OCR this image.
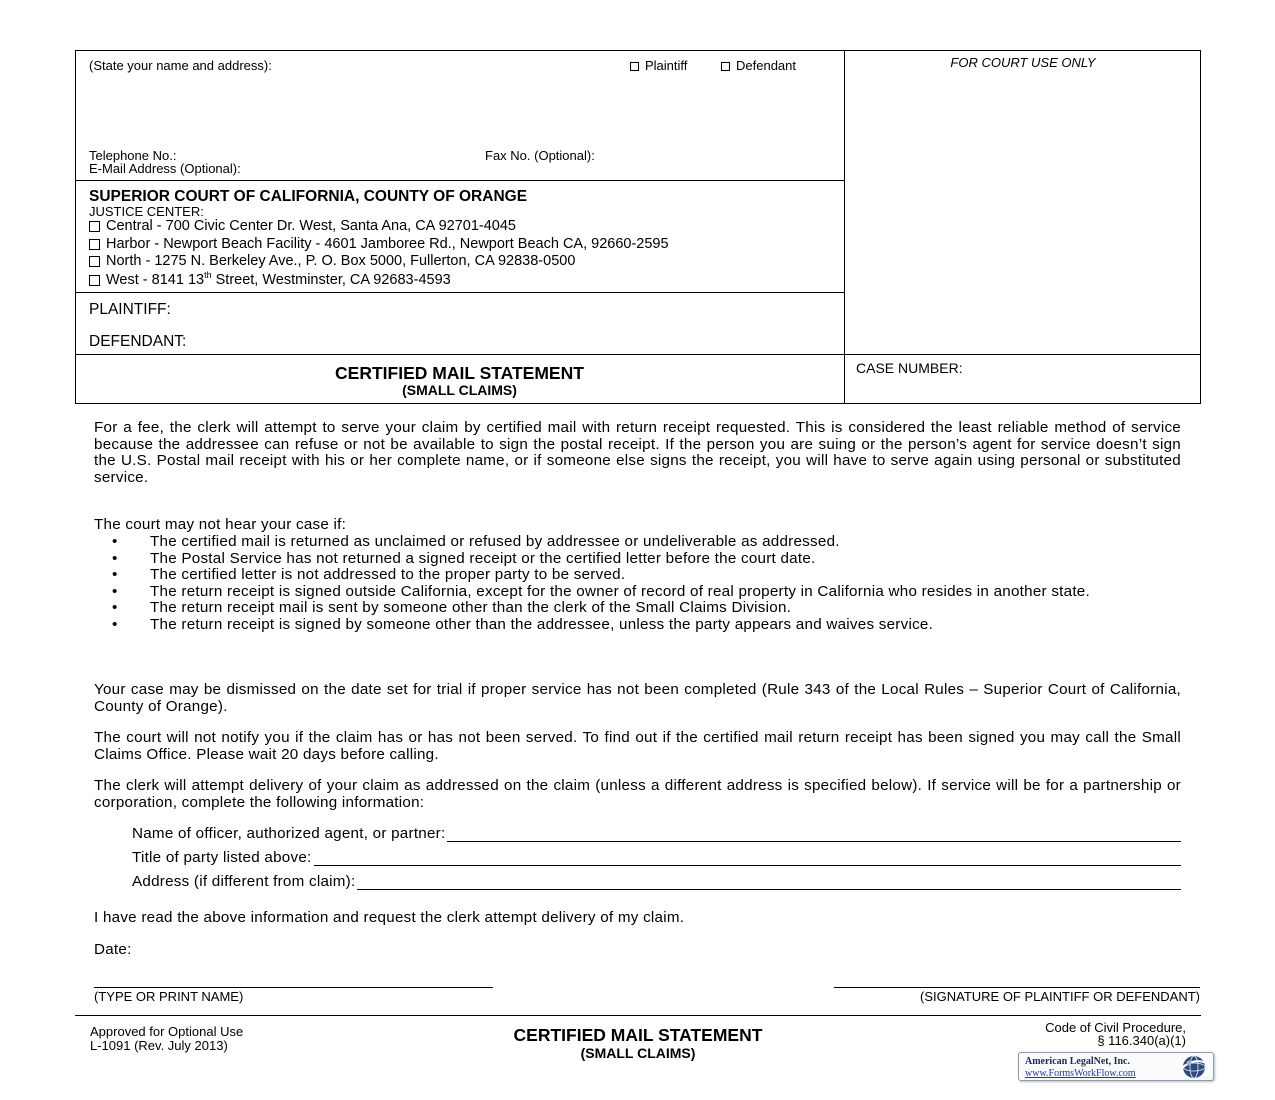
(State your name and address):	Plaintiff	Defendant
Telephone No.:	Fax No. (Optional):
E-Mail Address (Optional):
FOR COURT USE ONLY
SUPERIOR COURT OF CALIFORNIA, COUNTY OF ORANGE
JUSTICE CENTER:
Central - 700 Civic Center Dr. West, Santa Ana, CA 92701-4045
Harbor - Newport Beach Facility - 4601 Jamboree Rd., Newport Beach CA, 92660-2595
North - 1275 N. Berkeley Ave., P. O. Box 5000, Fullerton, CA 92838-0500
West - 8141 13th Street, Westminster, CA 92683-4593
PLAINTIFF:
DEFENDANT:
CERTIFIED MAIL STATEMENT
(SMALL CLAIMS)
CASE NUMBER:
For a fee, the clerk will attempt to serve your claim by certified mail with return receipt requested. This is considered the least reliable method of service because the addressee can refuse or not be available to sign the postal receipt. If the person you are suing or the person’s agent for service doesn’t sign the U.S. Postal mail receipt with his or her complete name, or if someone else signs the receipt, you will have to serve again using personal or substituted service.
The court may not hear your case if:
• The certified mail is returned as unclaimed or refused by addressee or undeliverable as addressed.
• The Postal Service has not returned a signed receipt or the certified letter before the court date.
• The certified letter is not addressed to the proper party to be served.
• The return receipt is signed outside California, except for the owner of record of real property in California who resides in another state.
• The return receipt mail is sent by someone other than the clerk of the Small Claims Division.
• The return receipt is signed by someone other than the addressee, unless the party appears and waives service.
Your case may be dismissed on the date set for trial if proper service has not been completed (Rule 343 of the Local Rules – Superior Court of California, County of Orange).
The court will not notify you if the claim has or has not been served. To find out if the certified mail return receipt has been signed you may call the Small Claims Office. Please wait 20 days before calling.
The clerk will attempt delivery of your claim as addressed on the claim (unless a different address is specified below). If service will be for a partnership or corporation, complete the following information:
Name of officer, authorized agent, or partner:
Title of party listed above:
Address (if different from claim):
I have read the above information and request the clerk attempt delivery of my claim.
Date:
(TYPE OR PRINT NAME)	(SIGNATURE OF PLAINTIFF OR DEFENDANT)
Approved for Optional Use
L-1091 (Rev. July 2013)
CERTIFIED MAIL STATEMENT
(SMALL CLAIMS)
Code of Civil Procedure,
§ 116.340(a)(1)
American LegalNet, Inc.
www.FormsWorkFlow.com
